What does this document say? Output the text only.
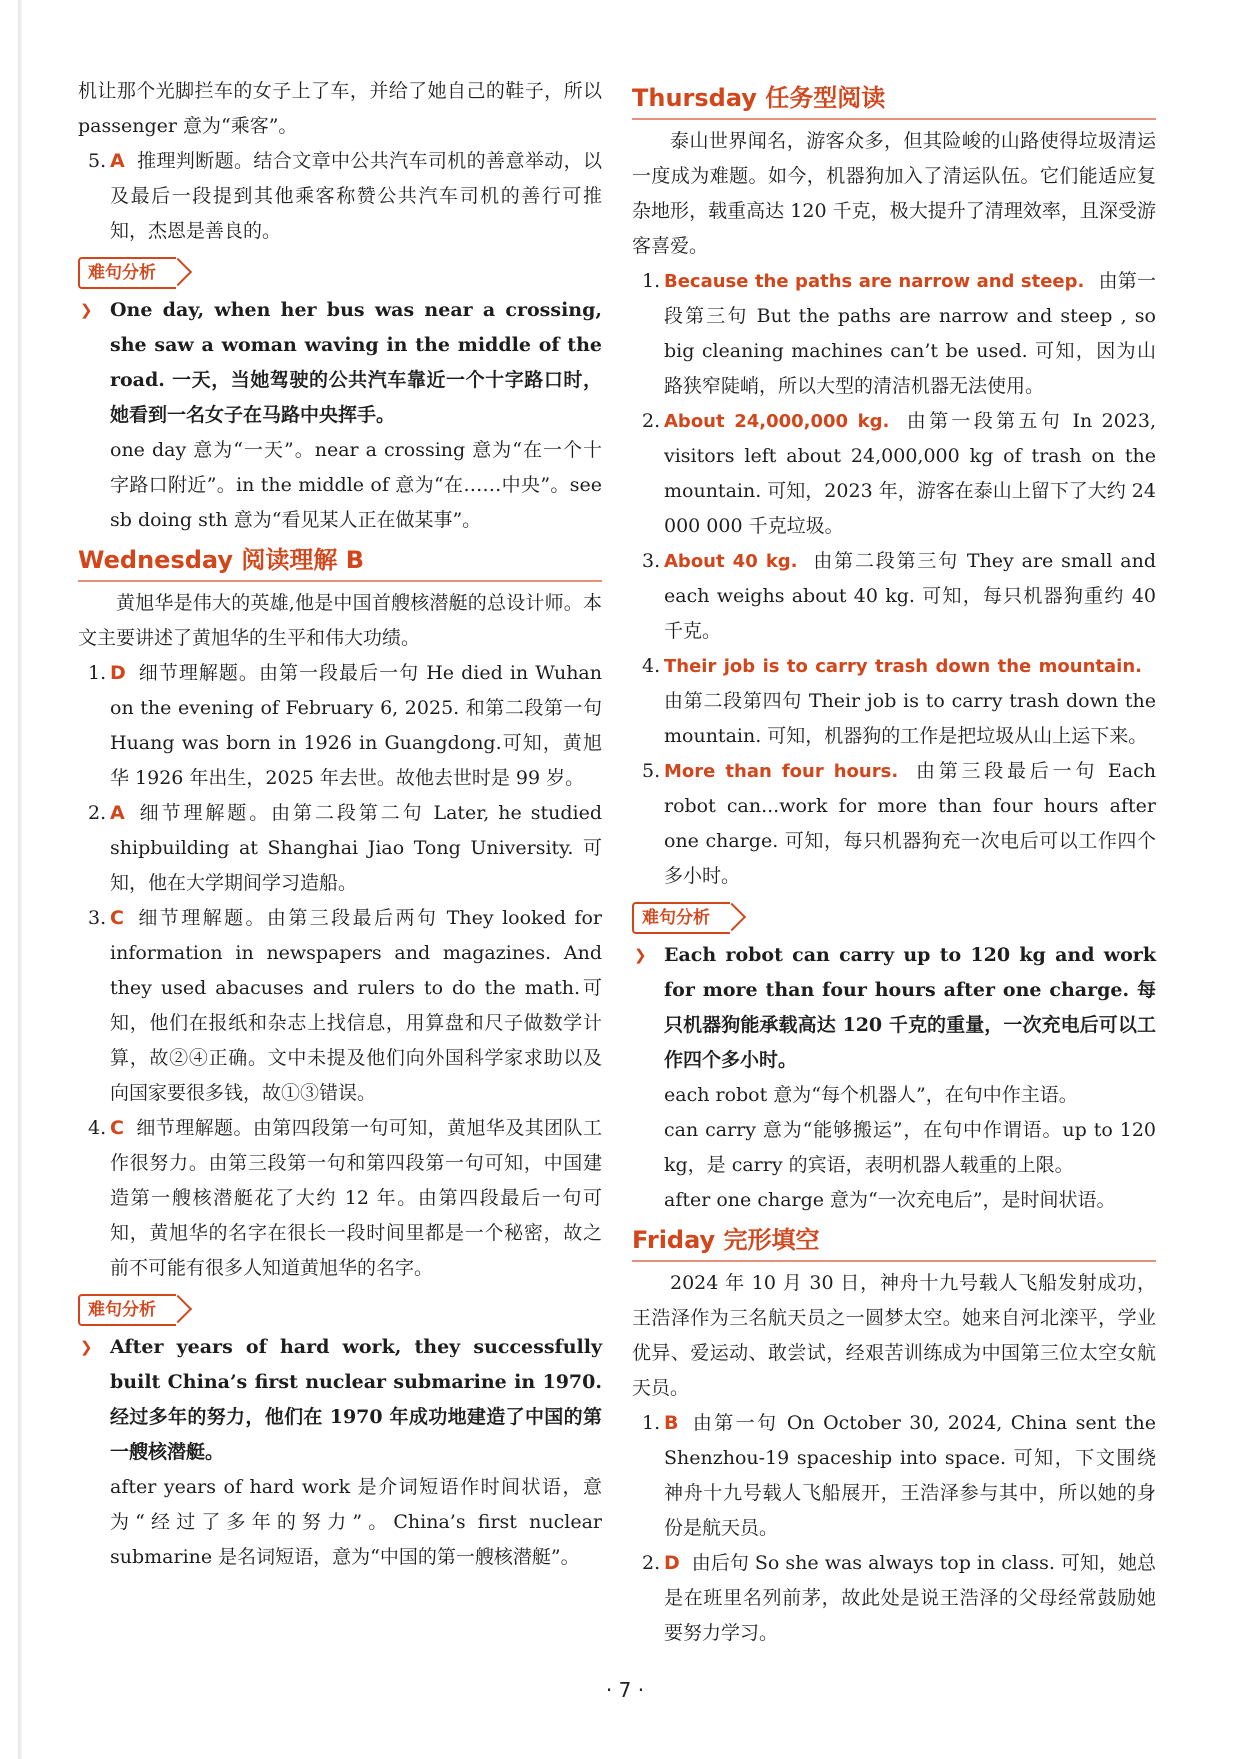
机让那个光脚拦车的女子上了车，并给了她自己的鞋子，所以 passenger 意为“乘客”。

5. A 推理判断题。结合文章中公共汽车司机的善意举动，以及最后一段提到其他乘客称赞公共汽车司机的善行可推知，杰恩是善良的。

难句分析

❯ One day, when her bus was near a crossing, she saw a woman waving in the middle of the road. 一天，当她驾驶的公共汽车靠近一个十字路口时，她看到一名女子在马路中央挥手。

one day 意为“一天”。near a crossing 意为“在一个十字路口附近”。in the middle of 意为“在……中央”。see sb doing sth 意为“看见某人正在做某事”。

Wednesday 阅读理解 B

黄旭华是伟大的英雄,他是中国首艘核潜艇的总设计师。本文主要讲述了黄旭华的生平和伟大功绩。

1. D 细节理解题。由第一段最后一句 He died in Wuhan on the evening of February 6, 2025. 和第二段第一句 Huang was born in 1926 in Guangdong.可知，黄旭华 1926 年出生，2025 年去世。故他去世时是 99 岁。

2. A 细节理解题。由第二段第二句 Later, he studied shipbuilding at Shanghai Jiao Tong University. 可知，他在大学期间学习造船。

3. C 细节理解题。由第三段最后两句 They looked for information in newspapers and magazines. And they used abacuses and rulers to do the math.可知，他们在报纸和杂志上找信息，用算盘和尺子做数学计算，故②④正确。文中未提及他们向外国科学家求助以及向国家要很多钱，故①③错误。

4. C 细节理解题。由第四段第一句可知，黄旭华及其团队工作很努力。由第三段第一句和第四段第一句可知，中国建造第一艘核潜艇花了大约 12 年。由第四段最后一句可知，黄旭华的名字在很长一段时间里都是一个秘密，故之前不可能有很多人知道黄旭华的名字。

难句分析

❯ After years of hard work, they successfully built China’s first nuclear submarine in 1970. 经过多年的努力，他们在 1970 年成功地建造了中国的第一艘核潜艇。

after years of hard work 是介词短语作时间状语，意为“经过了多年的努力”。China’s first nuclear submarine 是名词短语，意为“中国的第一艘核潜艇”。

Thursday 任务型阅读

泰山世界闻名，游客众多，但其险峻的山路使得垃圾清运一度成为难题。如今，机器狗加入了清运队伍。它们能适应复杂地形，载重高达 120 千克，极大提升了清理效率，且深受游客喜爱。

1. Because the paths are narrow and steep. 由第一段第三句 But the paths are narrow and steep , so big cleaning machines can’t be used. 可知，因为山路狭窄陡峭，所以大型的清洁机器无法使用。

2. About 24,000,000 kg. 由第一段第五句 In 2023, visitors left about 24,000,000 kg of trash on the mountain. 可知，2023 年，游客在泰山上留下了大约 24 000 000 千克垃圾。

3. About 40 kg. 由第二段第三句 They are small and each weighs about 40 kg. 可知，每只机器狗重约 40 千克。

4. Their job is to carry trash down the mountain.由第二段第四句 Their job is to carry trash down the mountain. 可知，机器狗的工作是把垃圾从山上运下来。

5. More than four hours. 由第三段最后一句 Each robot can...work for more than four hours after one charge. 可知，每只机器狗充一次电后可以工作四个多小时。

难句分析

❯ Each robot can carry up to 120 kg and work for more than four hours after one charge. 每只机器狗能承载高达 120 千克的重量，一次充电后可以工作四个多小时。

each robot 意为“每个机器人”，在句中作主语。

can carry 意为“能够搬运”，在句中作谓语。up to 120 kg，是 carry 的宾语，表明机器人载重的上限。

after one charge 意为“一次充电后”，是时间状语。

Friday 完形填空

2024 年 10 月 30 日，神舟十九号载人飞船发射成功，王浩泽作为三名航天员之一圆梦太空。她来自河北滦平，学业优异、爱运动、敢尝试，经艰苦训练成为中国第三位太空女航天员。

1. B 由第一句 On October 30, 2024, China sent the Shenzhou-19 spaceship into space. 可知，下文围绕神舟十九号载人飞船展开，王浩泽参与其中，所以她的身份是航天员。

2. D 由后句 So she was always top in class. 可知，她总是在班里名列前茅，故此处是说王浩泽的父母经常鼓励她要努力学习。

· 7 ·
